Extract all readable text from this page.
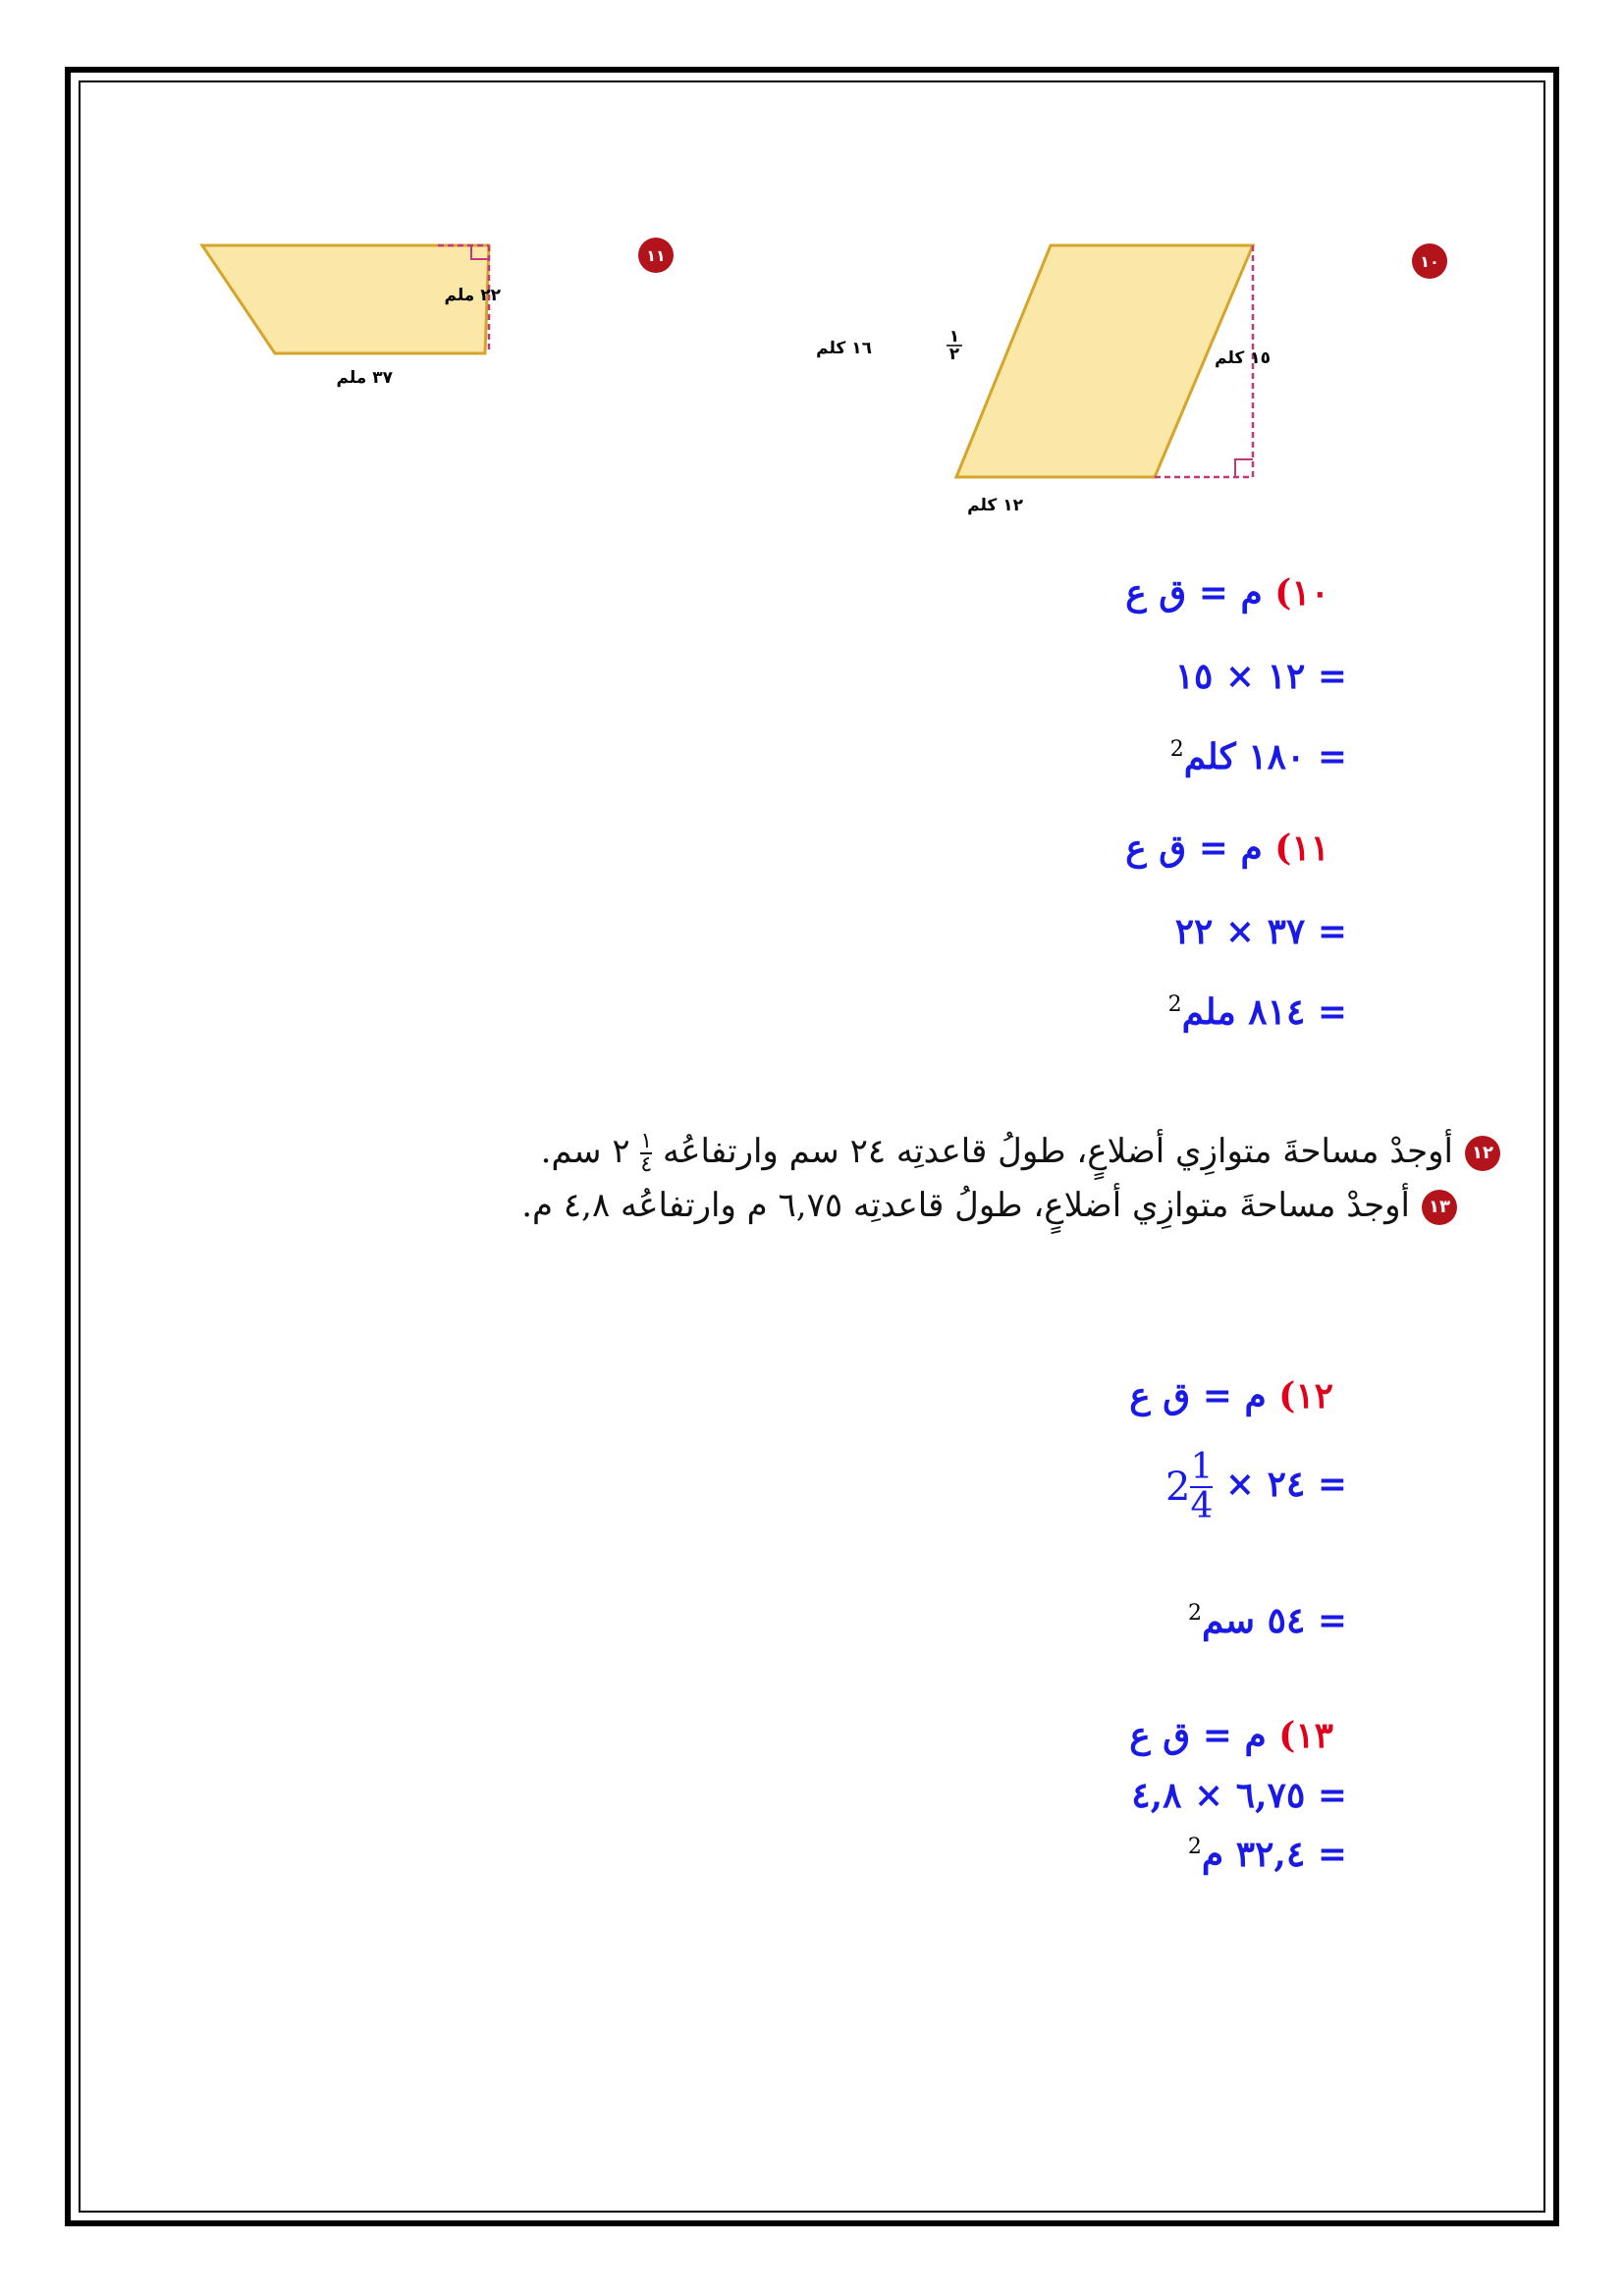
٢٢ ملم
٣٧ ملم
١١
١٥ كلم
١٦ كلم
١
٢
١٢ كلم
١٠
١٠) م = ق ع
= ١٢ × ١٥
= ١٨٠ كلم$^2$
١١) م = ق ع
= ٣٧ × ٢٢
= ٨١٤ ملم$^2$
١٢أوجدْ مساحةَ متوازِي أضلاعٍ، طولُ قاعدتِه ٢٤ سم وارتفاعُه
$\frac{١}{٤}$
٢ سم.
١٣أوجدْ مساحةَ متوازِي أضلاعٍ، طولُ قاعدتِه ٦,٧٥ م وارتفاعُه ٤,٨ م.
١٢) م = ق ع
= ٢٤ ×
$\frac{1}{4}$
2
= ٥٤ سم$^2$
١٣) م = ق ع
= ٦,٧٥ × ٤,٨
= ٣٢,٤ م$^2$
